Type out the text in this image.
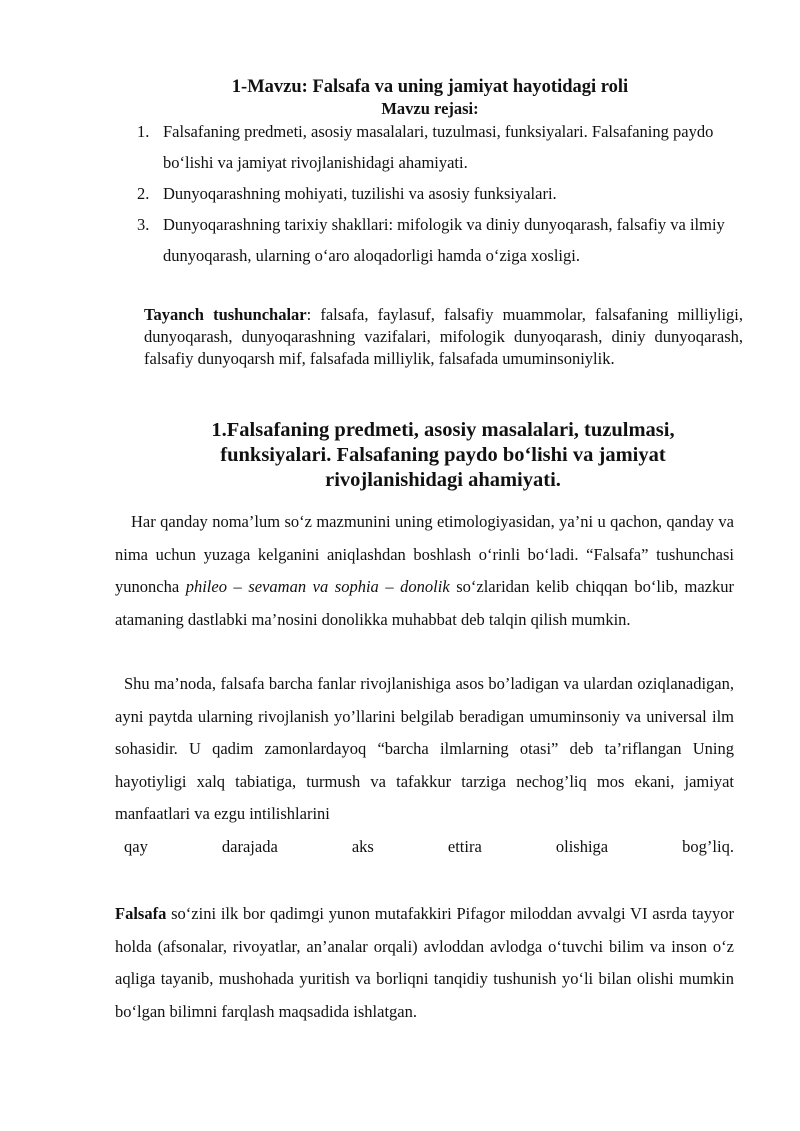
1-Mavzu: Falsafa va uning jamiyat hayotidagi roli
Mavzu rejasi:
1. Falsafaning predmeti, asosiy masalalari, tuzulmasi, funksiyalari. Falsafaning paydo bo‘lishi va jamiyat rivojlanishidagi ahamiyati.
2. Dunyoqarashning mohiyati, tuzilishi va asosiy funksiyalari.
3. Dunyoqarashning tarixiy shakllari: mifologik va diniy dunyoqarash, falsafiy va ilmiy dunyoqarash, ularning o‘aro aloqadorligi hamda o‘ziga xosligi.
Tayanch tushunchalar: falsafa, faylasuf, falsafiy muammolar, falsafaning milliyligi, dunyoqarash, dunyoqarashning vazifalari, mifologik dunyoqarash, diniy dunyoqarash, falsafiy dunyoqarsh mif, falsafada milliylik, falsafada umuminsoniylik.
1.Falsafaning predmeti, asosiy masalalari, tuzulmasi, funksiyalari. Falsafaning paydo bo‘lishi va jamiyat rivojlanishidagi ahamiyati.

Har qanday noma’lum so‘z mazmunini uning etimologiyasidan, ya’ni u qachon, qanday va nima uchun yuzaga kelganini aniqlashdan boshlash o‘rinli bo‘ladi. “Falsafa” tushunchasi yunoncha phileo – sevaman va sophia – donolik so‘zlaridan kelib chiqqan bo‘lib, mazkur atamaning dastlabki ma’nosini donolikka muhabbat deb talqin qilish mumkin.

Shu ma’noda, falsafa barcha fanlar rivojlanishiga asos bo’ladigan va ulardan oziqlanadigan, ayni paytda ularning rivojlanish yo’llarini belgilab beradigan umuminsoniy va universal ilm sohasidir. U qadim zamonlardayoq “barcha ilmlarning otasi” deb ta’riflangan Uning hayotiyligi xalq tabiatiga, turmush va tafakkur tarziga nechog’liq mos ekani, jamiyat manfaatlari va ezgu intilishlarini
qay	darajada	aks	ettira	olishiga	bog’liq.

Falsafa so‘zini ilk bor qadimgi yunon mutafakkiri Pifagor miloddan avvalgi VI asrda tayyor holda (afsonalar, rivoyatlar, an’analar orqali) avloddan avlodga o‘tuvchi bilim va inson o‘z aqliga tayanib, mushohada yuritish va borliqni tanqidiy tushunish yo‘li bilan olishi mumkin bo‘lgan bilimni farqlash maqsadida ishlatgan.
